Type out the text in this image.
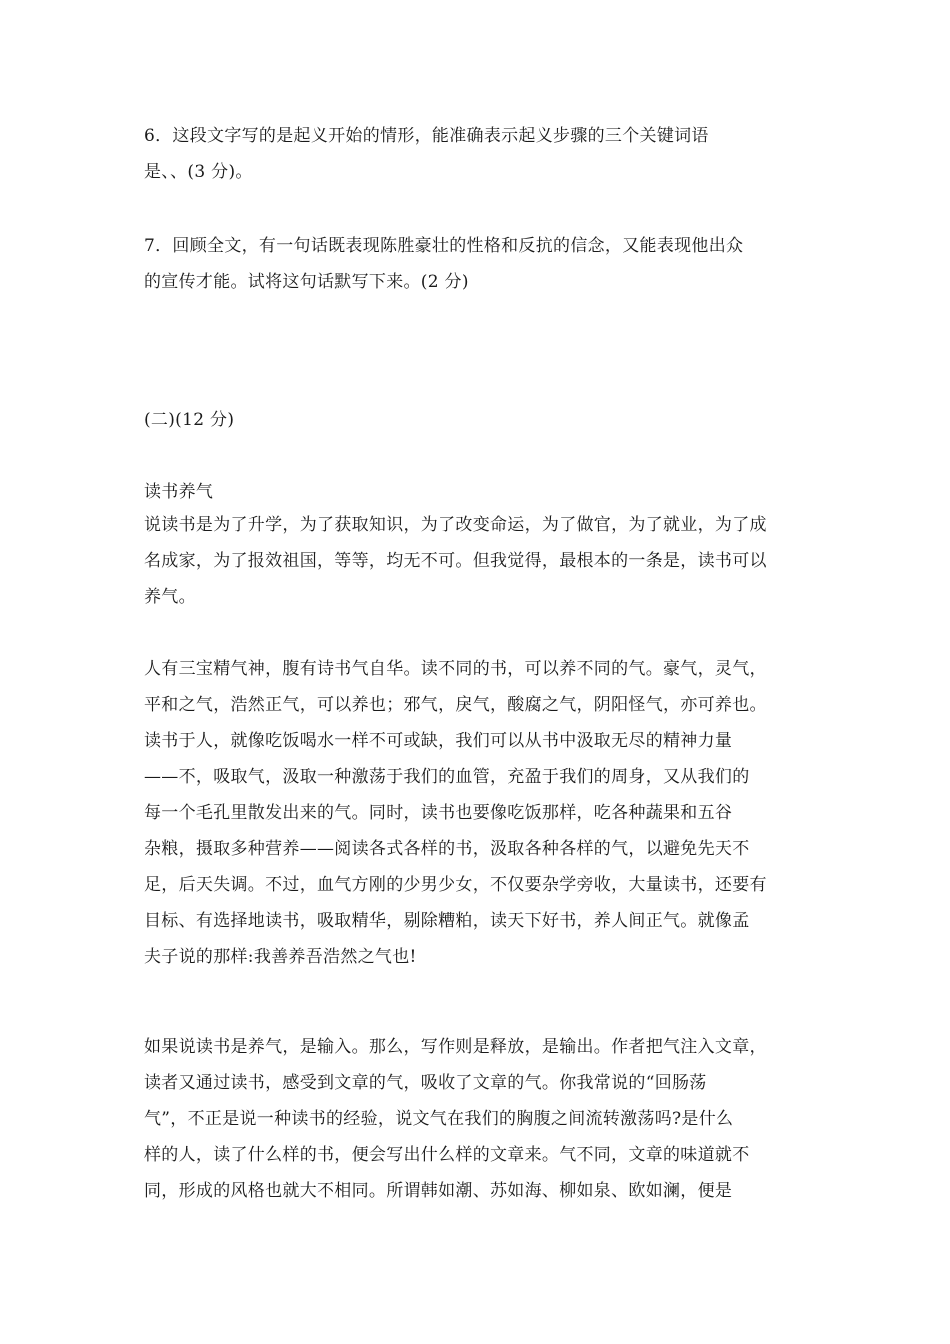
6．这段文字写的是起义开始的情形，能准确表示起义步骤的三个关键词语
是、、(3 分)。

7．回顾全文，有一句话既表现陈胜豪壮的性格和反抗的信念，又能表现他出众
的宣传才能。试将这句话默写下来。(2 分)

(二)(12 分)

读书养气

说读书是为了升学，为了获取知识，为了改变命运，为了做官，为了就业，为了成
名成家，为了报效祖国，等等，均无不可。但我觉得，最根本的一条是，读书可以
养气。

人有三宝精气神，腹有诗书气自华。读不同的书，可以养不同的气。豪气，灵气，
平和之气，浩然正气，可以养也；邪气，戾气，酸腐之气，阴阳怪气，亦可养也。
读书于人，就像吃饭喝水一样不可或缺，我们可以从书中汲取无尽的精神力量
——不，吸取气，汲取一种激荡于我们的血管，充盈于我们的周身，又从我们的
每一个毛孔里散发出来的气。同时，读书也要像吃饭那样，吃各种蔬果和五谷
杂粮，摄取多种营养——阅读各式各样的书，汲取各种各样的气，以避免先天不
足，后天失调。不过，血气方刚的少男少女，不仅要杂学旁收，大量读书，还要有
目标、有选择地读书，吸取精华，剔除糟粕，读天下好书，养人间正气。就像孟
夫子说的那样:我善养吾浩然之气也!

如果说读书是养气，是输入。那么，写作则是释放，是输出。作者把气注入文章，
读者又通过读书，感受到文章的气，吸收了文章的气。你我常说的“回肠荡
气”，不正是说一种读书的经验，说文气在我们的胸腹之间流转激荡吗?是什么
样的人，读了什么样的书，便会写出什么样的文章来。气不同，文章的味道就不
同，形成的风格也就大不相同。所谓韩如潮、苏如海、柳如泉、欧如澜，便是
